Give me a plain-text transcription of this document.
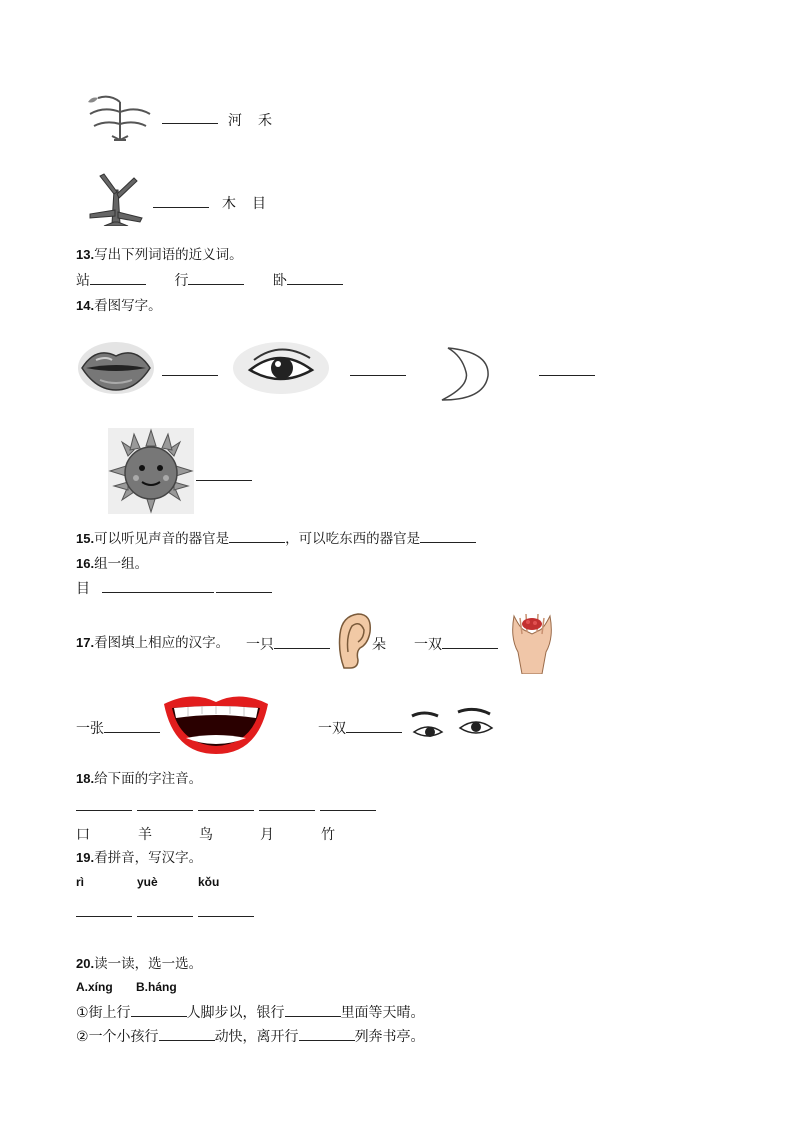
河 禾
木 目
13.写出下列词语的近义词。
站	行	卧
14.看图写字。
15.可以听见声音的器官是	，可以吃东西的器官是
16.组一组。
目
17.看图填上相应的汉字。 一只	朵 一双
一张	一双
18.给下面的字注音。
口	羊	鸟	月	竹
19.看拼音，写汉字。
rì	yuè	kǒu
20.读一读，选一选。
A.xíng B.háng
①街上行	人脚步以，银行	里面等天晴。
②一个小孩行	动快，离开行	列奔书亭。
